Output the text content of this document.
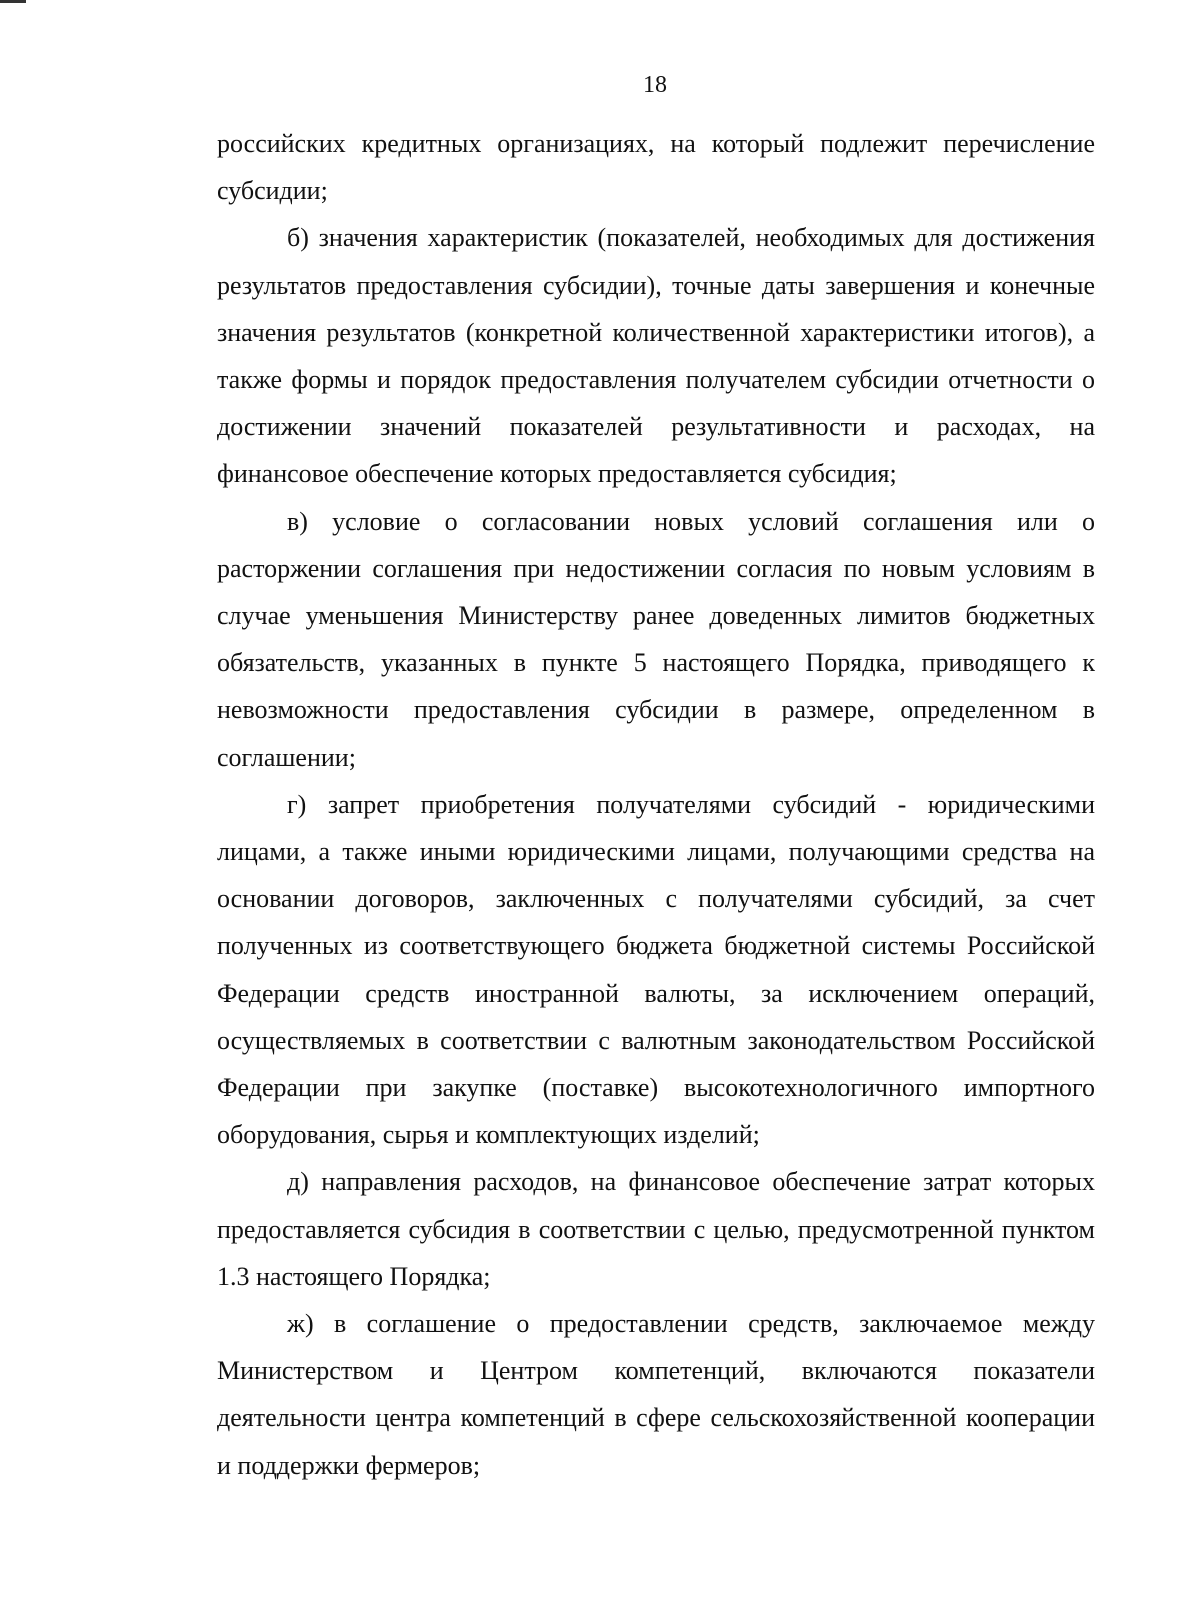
18

российских кредитных организациях, на который подлежит перечисление субсидии;

б) значения характеристик (показателей, необходимых для достижения результатов предоставления субсидии), точные даты завершения и конечные значения результатов (конкретной количественной характеристики итогов), а также формы и порядок предоставления получателем субсидии отчетности о достижении значений показателей результативности и расходах, на финансовое обеспечение которых предоставляется субсидия;

в) условие о согласовании новых условий соглашения или о расторжении соглашения при недостижении согласия по новым условиям в случае уменьшения Министерству ранее доведенных лимитов бюджетных обязательств, указанных в пункте 5 настоящего Порядка, приводящего к невозможности предоставления субсидии в размере, определенном в соглашении;

г) запрет приобретения получателями субсидий - юридическими лицами, а также иными юридическими лицами, получающими средства на основании договоров, заключенных с получателями субсидий, за счет полученных из соответствующего бюджета бюджетной системы Российской Федерации средств иностранной валюты, за исключением операций, осуществляемых в соответствии с валютным законодательством Российской Федерации при закупке (поставке) высокотехнологичного импортного оборудования, сырья и комплектующих изделий;

д) направления расходов, на финансовое обеспечение затрат которых предоставляется субсидия в соответствии с целью, предусмотренной пунктом 1.3 настоящего Порядка;

ж) в соглашение о предоставлении средств, заключаемое между Министерством и Центром компетенций, включаются показатели деятельности центра компетенций в сфере сельскохозяйственной кооперации и поддержки фермеров;
